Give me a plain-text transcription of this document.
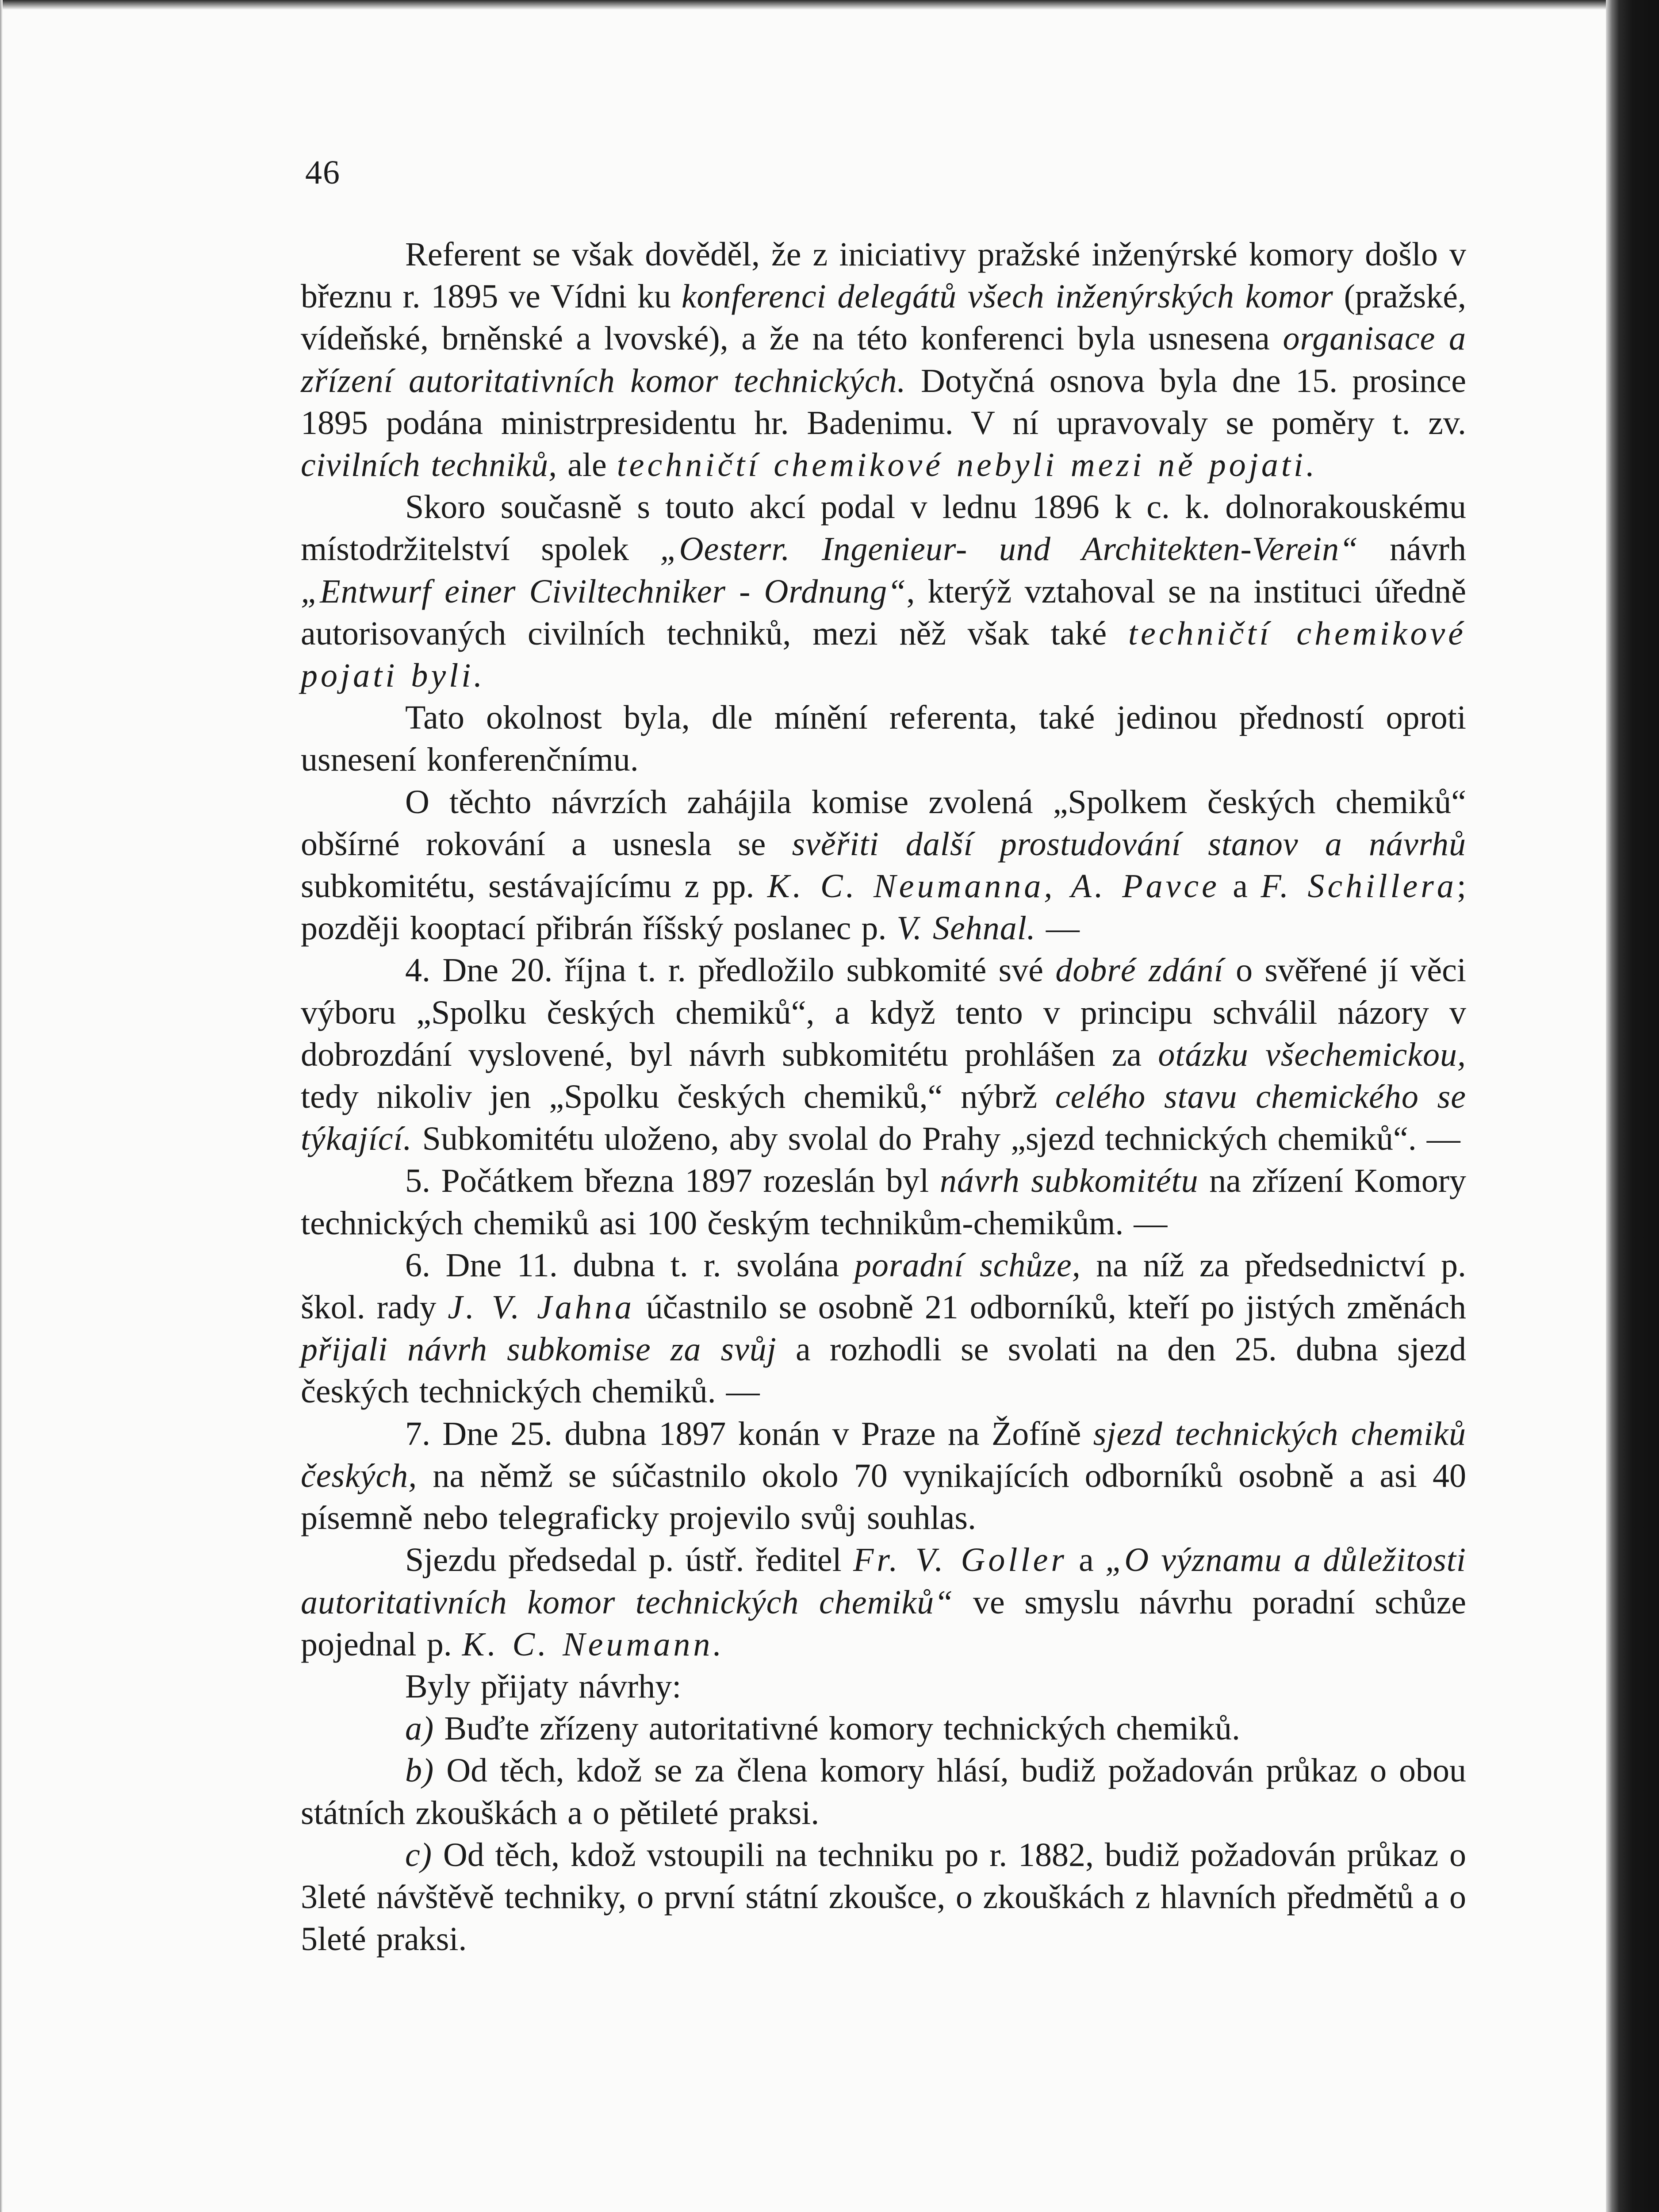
46

Referent se však dověděl, že z iniciativy pražské inženýrské komory došlo v březnu r. 1895 ve Vídni ku konferenci delegátů všech inženýrských komor (pražské, vídeňské, brněnské a lvovské), a že na této konferenci byla usnesena organisace a zřízení autoritativních komor technických. Dotyčná osnova byla dne 15. prosince 1895 podána ministrpresidentu hr. Badenimu. V ní upravovaly se poměry t. zv. civilních techniků, ale techničtí chemikové nebyli mezi ně pojati.

Skoro současně s touto akcí podal v lednu 1896 k c. k. dolnorakouskému místodržitelství spolek „Oesterr. Ingenieur- und Architekten-Verein“ návrh „Entwurf einer Civiltechniker - Ordnung“, kterýž vztahoval se na instituci úředně autorisovaných civilních techniků, mezi něž však také techničtí chemikové pojati byli.

Tato okolnost byla, dle mínění referenta, také jedinou předností oproti usnesení konferenčnímu.

O těchto návrzích zahájila komise zvolená „Spolkem českých chemiků“ obšírné rokování a usnesla se svěřiti další prostudování stanov a návrhů subkomitétu, sestávajícímu z pp. K. C. Neumanna, A. Pavce a F. Schillera; později kooptací přibrán říšský poslanec p. V. Sehnal. —

4. Dne 20. října t. r. předložilo subkomité své dobré zdání o svěřené jí věci výboru „Spolku českých chemiků“, a když tento v principu schválil názory v dobrozdání vyslovené, byl návrh subkomitétu prohlášen za otázku všechemickou, tedy nikoliv jen „Spolku českých chemiků,“ nýbrž celého stavu chemického se týkající. Subkomitétu uloženo, aby svolal do Prahy „sjezd technických chemiků“. —

5. Počátkem března 1897 rozeslán byl návrh subkomitétu na zřízení Komory technických chemiků asi 100 českým technikům-chemikům. —

6. Dne 11. dubna t. r. svolána poradní schůze, na níž za předsednictví p. škol. rady J. V. Jahna účastnilo se osobně 21 odborníků, kteří po jistých změnách přijali návrh subkomise za svůj a rozhodli se svolati na den 25. dubna sjezd českých technických chemiků. —

7. Dne 25. dubna 1897 konán v Praze na Žofíně sjezd technických chemiků českých, na němž se súčastnilo okolo 70 vynikajících odborníků osobně a asi 40 písemně nebo telegraficky projevilo svůj souhlas.

Sjezdu předsedal p. ústř. ředitel Fr. V. Goller a „O významu a důležitosti autoritativních komor technických chemiků“ ve smyslu návrhu poradní schůze pojednal p. K. C. Neumann.

Byly přijaty návrhy:

a) Buďte zřízeny autoritativné komory technických chemiků.

b) Od těch, kdož se za člena komory hlásí, budiž požadován průkaz o obou státních zkouškách a o pětileté praksi.

c) Od těch, kdož vstoupili na techniku po r. 1882, budiž požadován průkaz o 3leté návštěvě techniky, o první státní zkoušce, o zkouškách z hlavních předmětů a o 5leté praksi.
